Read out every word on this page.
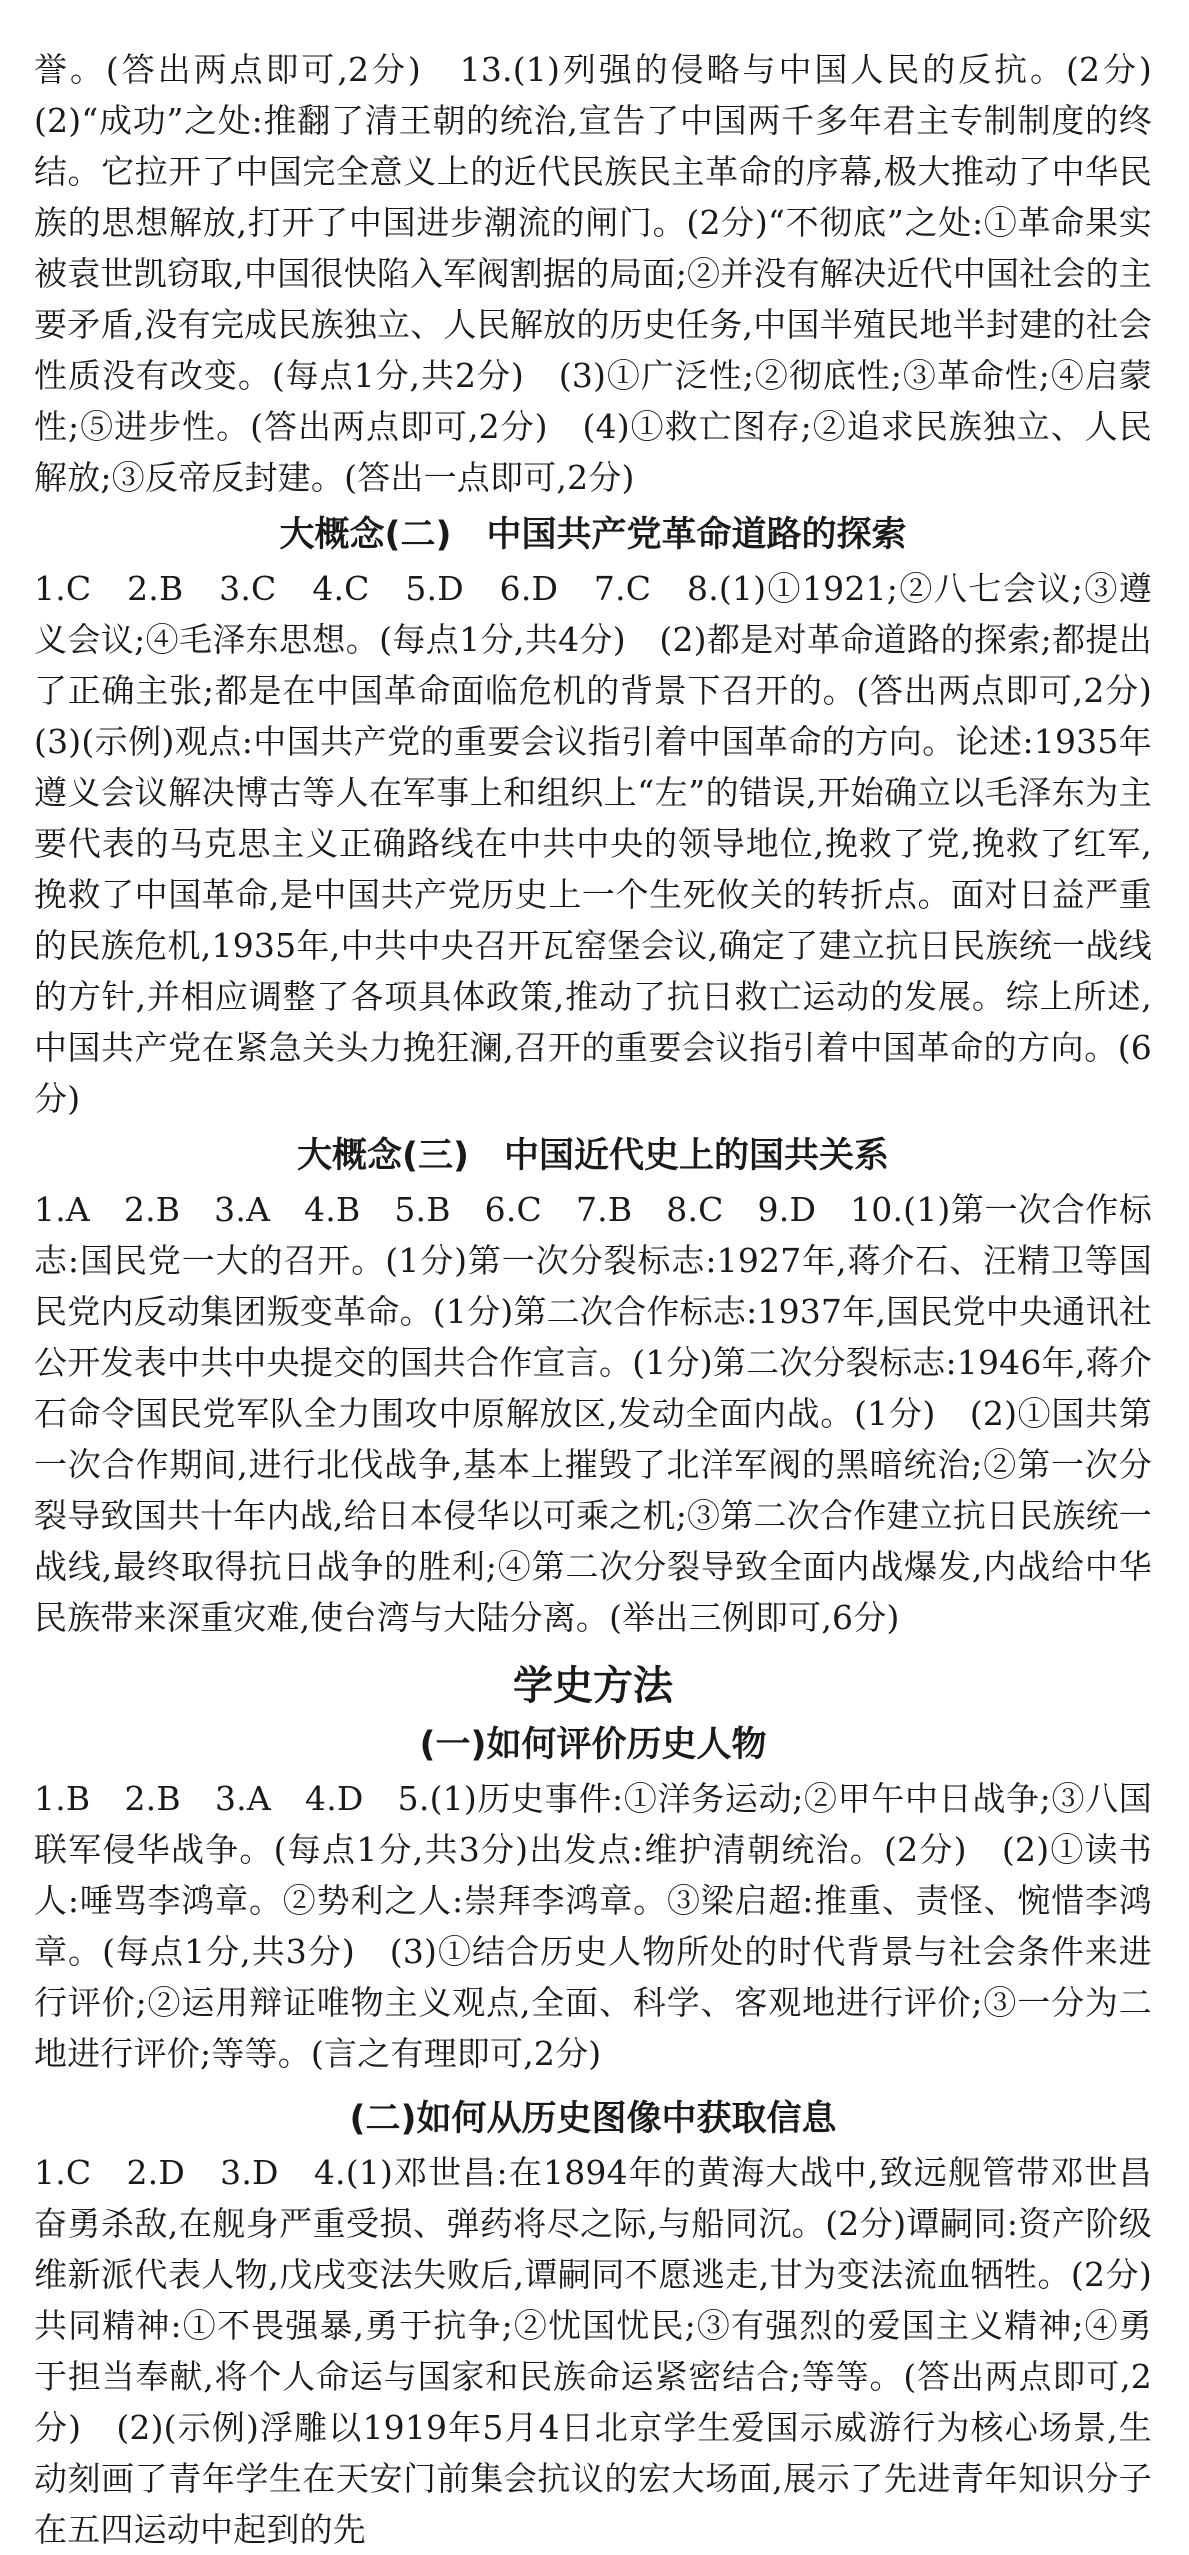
誉。(答出两点即可,2分)　13.(1)列强的侵略与中国人民的反抗。(2分)　(2)“成功”之处:推翻了清王朝的统治,宣告了中国两千多年君主专制制度的终结。它拉开了中国完全意义上的近代民族民主革命的序幕,极大推动了中华民族的思想解放,打开了中国进步潮流的闸门。(2分)“不彻底”之处:①革命果实被袁世凯窃取,中国很快陷入军阀割据的局面;②并没有解决近代中国社会的主要矛盾,没有完成民族独立、人民解放的历史任务,中国半殖民地半封建的社会性质没有改变。(每点1分,共2分)　(3)①广泛性;②彻底性;③革命性;④启蒙性;⑤进步性。(答出两点即可,2分)　(4)①救亡图存;②追求民族独立、人民解放;③反帝反封建。(答出一点即可,2分)

大概念(二)　中国共产党革命道路的探索

1.C　2.B　3.C　4.C　5.D　6.D　7.C　8.(1)①1921;②八七会议;③遵义会议;④毛泽东思想。(每点1分,共4分)　(2)都是对革命道路的探索;都提出了正确主张;都是在中国革命面临危机的背景下召开的。(答出两点即可,2分)　(3)(示例)观点:中国共产党的重要会议指引着中国革命的方向。论述:1935年遵义会议解决博古等人在军事上和组织上“左”的错误,开始确立以毛泽东为主要代表的马克思主义正确路线在中共中央的领导地位,挽救了党,挽救了红军,挽救了中国革命,是中国共产党历史上一个生死攸关的转折点。面对日益严重的民族危机,1935年,中共中央召开瓦窑堡会议,确定了建立抗日民族统一战线的方针,并相应调整了各项具体政策,推动了抗日救亡运动的发展。综上所述,中国共产党在紧急关头力挽狂澜,召开的重要会议指引着中国革命的方向。(6分)

大概念(三)　中国近代史上的国共关系

1.A　2.B　3.A　4.B　5.B　6.C　7.B　8.C　9.D　10.(1)第一次合作标志:国民党一大的召开。(1分)第一次分裂标志:1927年,蒋介石、汪精卫等国民党内反动集团叛变革命。(1分)第二次合作标志:1937年,国民党中央通讯社公开发表中共中央提交的国共合作宣言。(1分)第二次分裂标志:1946年,蒋介石命令国民党军队全力围攻中原解放区,发动全面内战。(1分)　(2)①国共第一次合作期间,进行北伐战争,基本上摧毁了北洋军阀的黑暗统治;②第一次分裂导致国共十年内战,给日本侵华以可乘之机;③第二次合作建立抗日民族统一战线,最终取得抗日战争的胜利;④第二次分裂导致全面内战爆发,内战给中华民族带来深重灾难,使台湾与大陆分离。(举出三例即可,6分)

学史方法
(一)如何评价历史人物

1.B　2.B　3.A　4.D　5.(1)历史事件:①洋务运动;②甲午中日战争;③八国联军侵华战争。(每点1分,共3分)出发点:维护清朝统治。(2分)　(2)①读书人:唾骂李鸿章。②势利之人:崇拜李鸿章。③梁启超:推重、责怪、惋惜李鸿章。(每点1分,共3分)　(3)①结合历史人物所处的时代背景与社会条件来进行评价;②运用辩证唯物主义观点,全面、科学、客观地进行评价;③一分为二地进行评价;等等。(言之有理即可,2分)

(二)如何从历史图像中获取信息

1.C　2.D　3.D　4.(1)邓世昌:在1894年的黄海大战中,致远舰管带邓世昌奋勇杀敌,在舰身严重受损、弹药将尽之际,与船同沉。(2分)谭嗣同:资产阶级维新派代表人物,戊戌变法失败后,谭嗣同不愿逃走,甘为变法流血牺牲。(2分)共同精神:①不畏强暴,勇于抗争;②忧国忧民;③有强烈的爱国主义精神;④勇于担当奉献,将个人命运与国家和民族命运紧密结合;等等。(答出两点即可,2分)　(2)(示例)浮雕以1919年5月4日北京学生爱国示威游行为核心场景,生动刻画了青年学生在天安门前集会抗议的宏大场面,展示了先进青年知识分子在五四运动中起到的先
